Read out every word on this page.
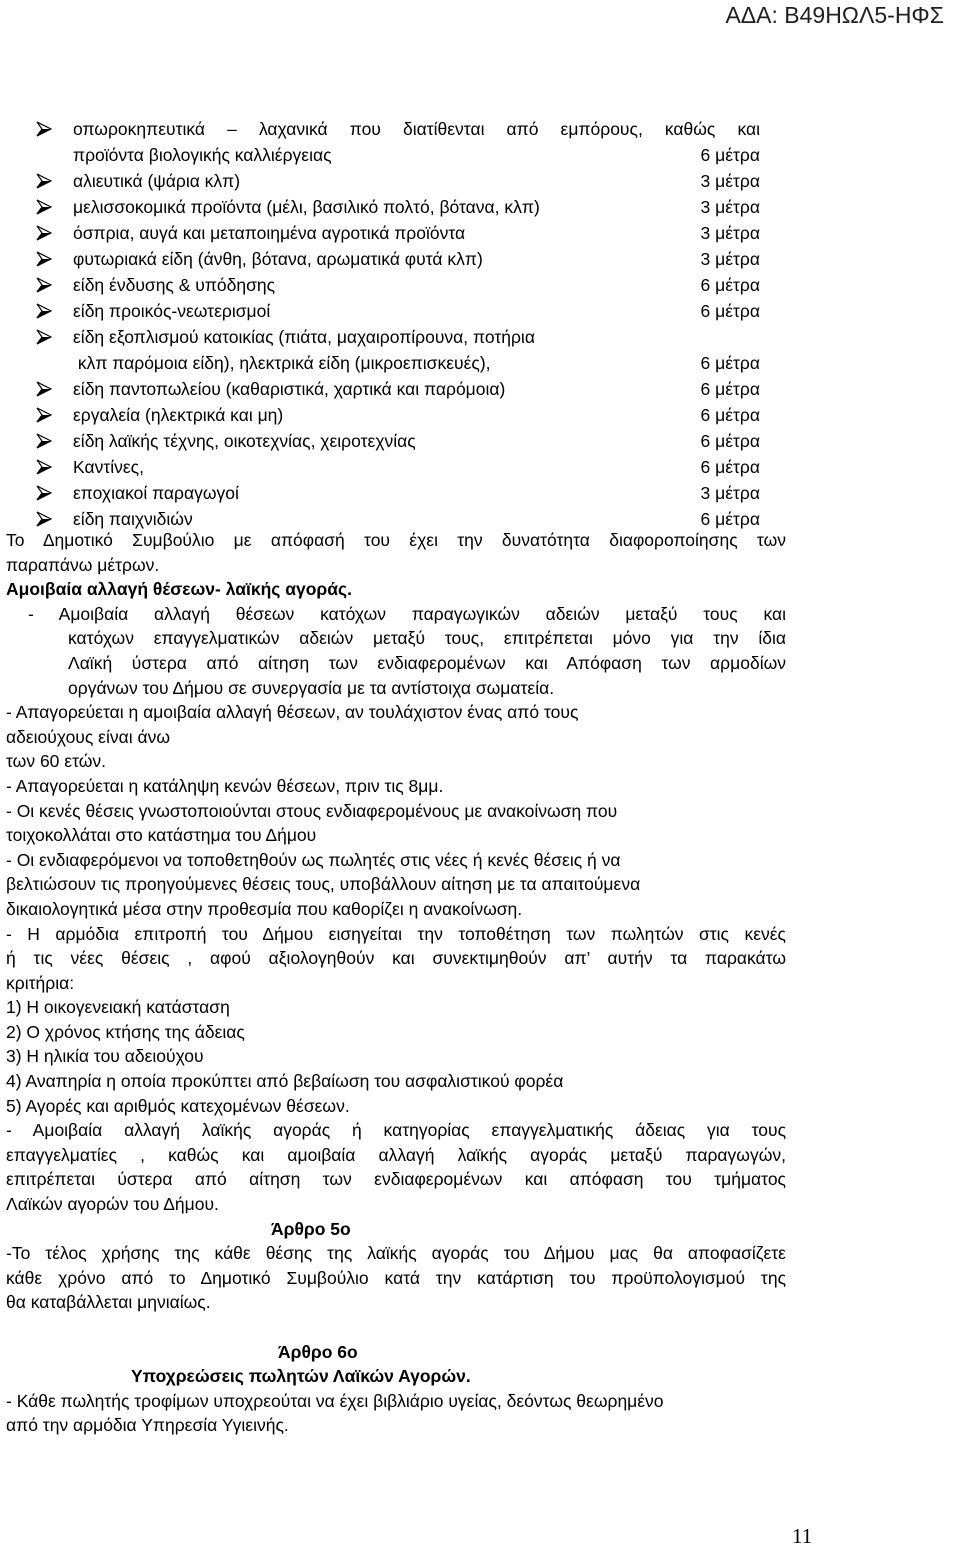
ΑΔΑ: Β49ΗΩΛ5-ΗΦΣ
οπωροκηπευτικά – λαχανικά που διατίθενται από εμπόρους, καθώς και
προϊόντα βιολογικής καλλιέργειας	6 μέτρα
αλιευτικά (ψάρια κλπ)	3 μέτρα
μελισσοκομικά προϊόντα (μέλι, βασιλικό πολτό, βότανα, κλπ)	3 μέτρα
όσπρια, αυγά και μεταποιημένα αγροτικά προϊόντα	3 μέτρα
φυτωριακά είδη (άνθη, βότανα, αρωματικά φυτά κλπ)	3 μέτρα
είδη ένδυσης & υπόδησης	6 μέτρα
είδη προικός-νεωτερισμοί	6 μέτρα
είδη εξοπλισμού κατοικίας (πιάτα, μαχαιροπίρουνα, ποτήρια
κλπ παρόμοια είδη), ηλεκτρικά είδη (μικροεπισκευές),	6 μέτρα
είδη παντοπωλείου (καθαριστικά, χαρτικά και παρόμοια)	6 μέτρα
εργαλεία (ηλεκτρικά και μη)	6 μέτρα
είδη λαϊκής τέχνης, οικοτεχνίας, χειροτεχνίας	6 μέτρα
Καντίνες,	6 μέτρα
εποχιακοί παραγωγοί	3 μέτρα
είδη παιχνιδιών	6 μέτρα

Το Δημοτικό Συμβούλιο με απόφασή του έχει την δυνατότητα διαφοροποίησης των

παραπάνω μέτρων.

Αμοιβαία αλλαγή θέσεων- λαϊκής αγοράς.

- Αμοιβαία αλλαγή θέσεων κατόχων παραγωγικών αδειών μεταξύ τους και

κατόχων επαγγελματικών αδειών μεταξύ τους, επιτρέπεται μόνο για την ίδια

Λαϊκή ύστερα από αίτηση των ενδιαφερομένων και Απόφαση των αρμοδίων

οργάνων του Δήμου σε συνεργασία με τα αντίστοιχα σωματεία.

- Απαγορεύεται η αμοιβαία αλλαγή θέσεων, αν τουλάχιστον ένας από τους

αδειούχους είναι άνω

των 60 ετών.

- Απαγορεύεται η κατάληψη κενών θέσεων, πριν τις 8μμ.

- Οι κενές θέσεις γνωστοποιούνται στους ενδιαφερομένους με ανακοίνωση που

τοιχοκολλάται στο κατάστημα του Δήμου

- Οι ενδιαφερόμενοι να τοποθετηθούν ως πωλητές στις νέες ή κενές θέσεις ή να

βελτιώσουν τις προηγούμενες θέσεις τους, υποβάλλουν αίτηση με τα απαιτούμενα

δικαιολογητικά μέσα στην προθεσμία που καθορίζει η ανακοίνωση.

- Η αρμόδια επιτροπή του Δήμου εισηγείται την τοποθέτηση των πωλητών στις κενές

ή τις νέες θέσεις , αφού αξιολογηθούν και συνεκτιμηθούν απ’ αυτήν τα παρακάτω

κριτήρια:

1) Η οικογενειακή κατάσταση

2) Ο χρόνος κτήσης της άδειας

3) Η ηλικία του αδειούχου

4) Αναπηρία η οποία προκύπτει από βεβαίωση του ασφαλιστικού φορέα

5) Αγορές και αριθμός κατεχομένων θέσεων.

- Αμοιβαία αλλαγή λαϊκής αγοράς ή κατηγορίας επαγγελματικής άδειας για τους

επαγγελματίες , καθώς και αμοιβαία αλλαγή λαϊκής αγοράς μεταξύ παραγωγών,

επιτρέπεται ύστερα από αίτηση των ενδιαφερομένων και απόφαση του τμήματος

Λαϊκών αγορών του Δήμου.

Άρθρο 5ο

-Το τέλος χρήσης της κάθε θέσης της λαϊκής αγοράς του Δήμου μας θα αποφασίζετε

κάθε χρόνο από το Δημοτικό Συμβούλιο κατά την κατάρτιση του προϋπολογισμού της

θα καταβάλλεται μηνιαίως.

Άρθρο 6ο

Υποχρεώσεις πωλητών Λαϊκών Αγορών.

- Κάθε πωλητής τροφίμων υποχρεούται να έχει βιβλιάριο υγείας, δεόντως θεωρημένο

από την αρμόδια Υπηρεσία Υγιεινής.

11
